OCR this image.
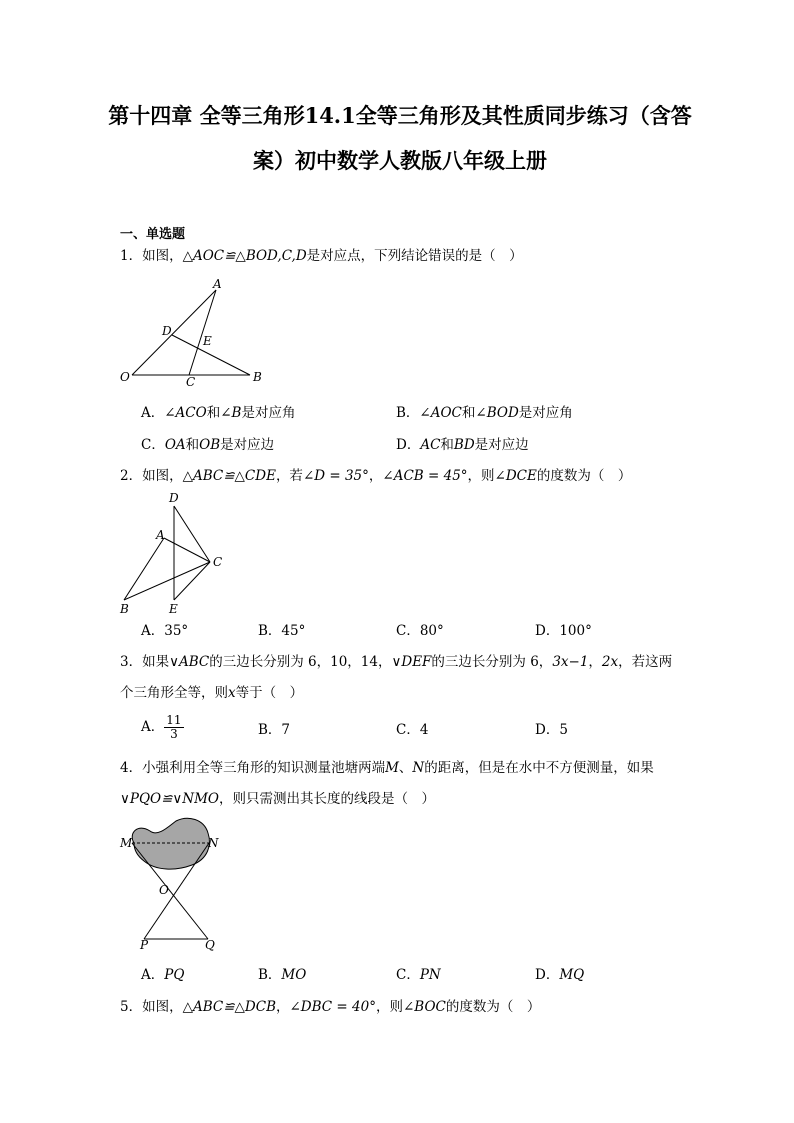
第十四章 全等三角形14.1全等三角形及其性质同步练习（含答
案）初中数学人教版八年级上册
一、单选题
1．如图，△AOC≌△BOD,C,D是对应点，下列结论错误的是（　）
A
D
E
O	C	B
A．∠ACO和∠B是对应角	B．∠AOC和∠BOD是对应角
C．OA和OB是对应边	D．AC和BD是对应边
2．如图，△ABC≌△CDE，若∠D = 35°，∠ACB = 45°，则∠DCE的度数为（　）
D
A
C
B	E
A．35°	B．45°	C．80°	D．100°
3．如果∨ABC的三边长分别为 6，10，14，∨DEF的三边长分别为 6，3x−1，2x，若这两
个三角形全等，则x等于（　）
A． $\frac{11}{3}$	B．7	C．4	D．5
4．小强利用全等三角形的知识测量池塘两端M、N的距离，但是在水中不方便测量，如果
∨PQO≌∨NMO，则只需测出其长度的线段是（　）
M	N
O
P	Q
A．PQ	B．MO	C．PN	D．MQ
5．如图，△ABC≌△DCB，∠DBC = 40°，则∠BOC的度数为（　）
